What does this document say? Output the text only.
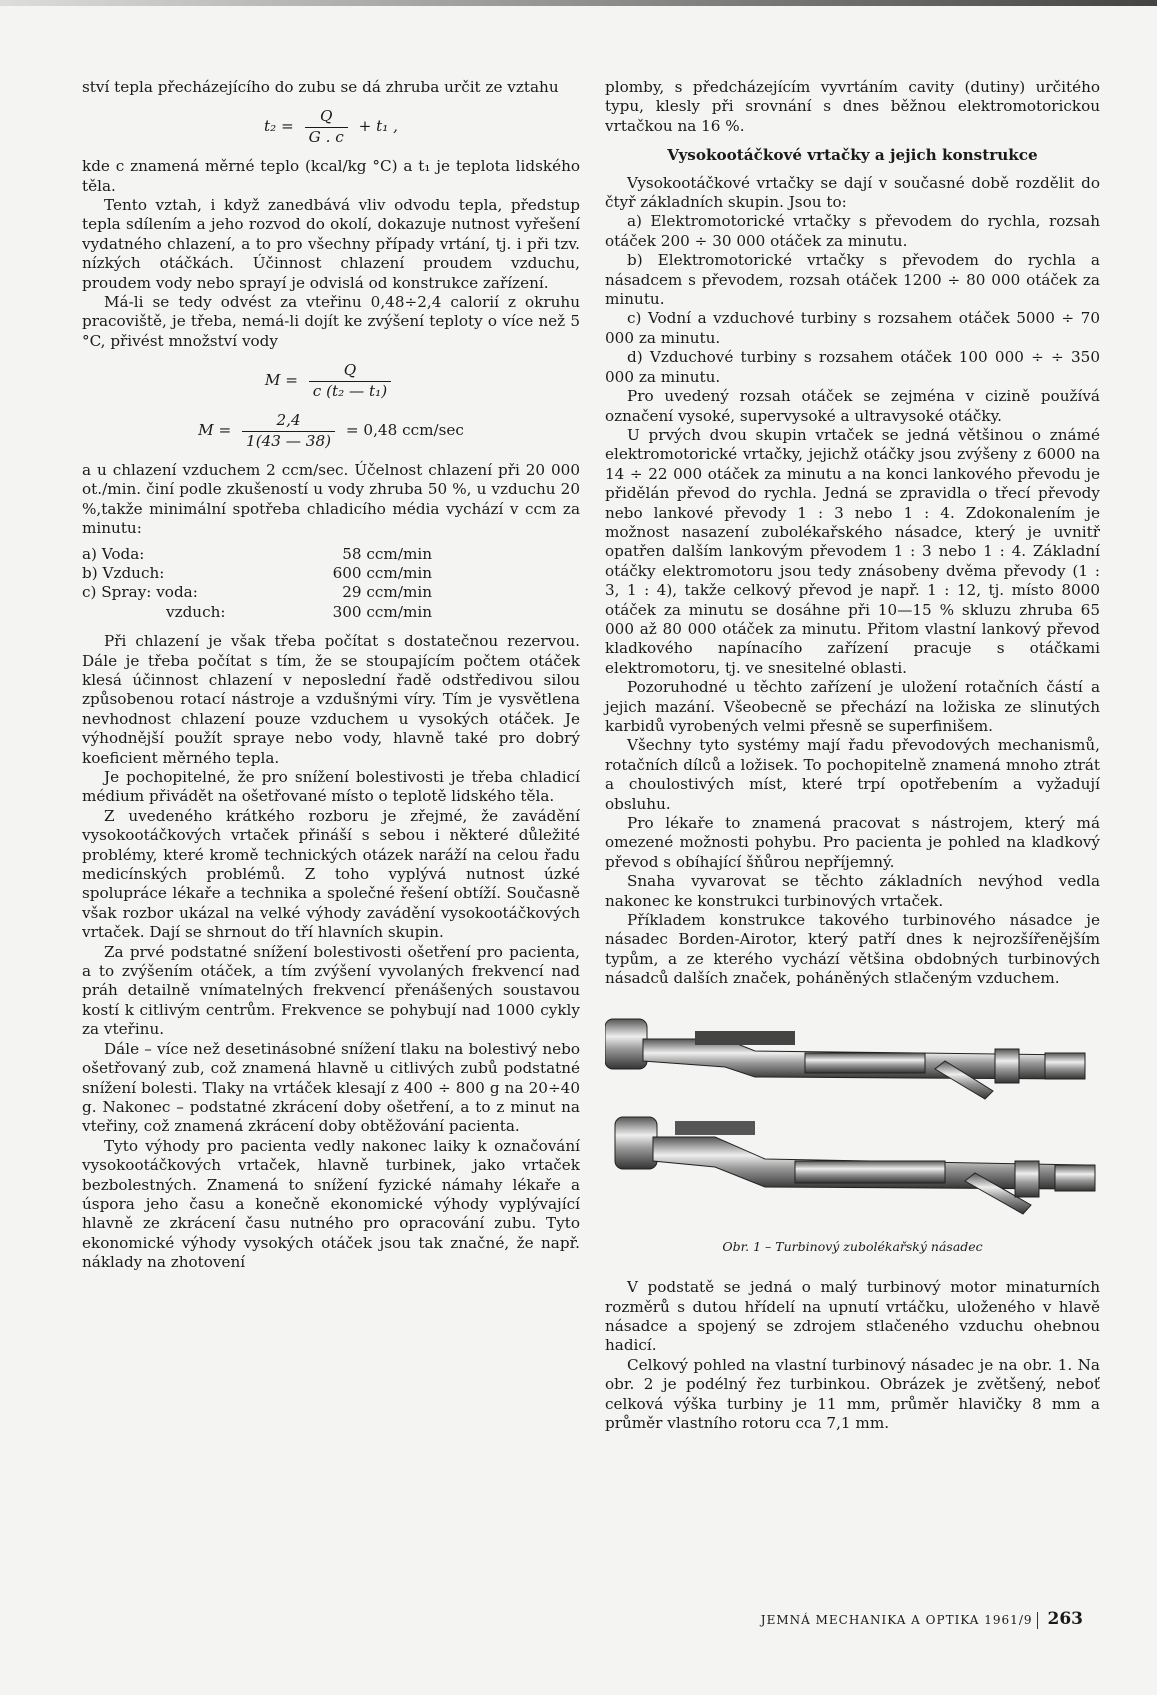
ství tepla přecházejícího do zubu se dá zhruba určit ze vztahu

$t_2 = \frac{Q}{G . c} + t_1$ ,

kde c znamená měrné teplo (kcal/kg °C) a t₁ je teplota lidského těla.

Tento vztah, i když zanedbává vliv odvodu tepla, předstup tepla sdílením a jeho rozvod do okolí, dokazuje nutnost vyřešení vydatného chlazení, a to pro všechny případy vrtání, tj. i při tzv. nízkých otáčkách. Účinnost chlazení proudem vzduchu, proudem vody nebo sprayí je odvislá od konstrukce zařízení.

Má-li se tedy odvést za vteřinu 0,48÷2,4 calorií z okruhu pracoviště, je třeba, nemá-li dojít ke zvýšení teploty o více než 5 °C, přivést množství vody

$M = \frac{Q}{\text{c (t₂ — t₁)}}$
$M = \frac{2,4}{1(43 — 38)} = 0,48$ ccm/sec

a u chlazení vzduchem 2 ccm/sec. Účelnost chlazení při 20 000 ot./min. činí podle zkušeností u vody zhruba 50 %, u vzduchu 20 %,takže minimální spotřeba chladicího média vychází v ccm za minutu:

a) Voda:	58 ccm/min
b) Vzduch:	600 ccm/min
c) Spray: voda:	29 ccm/min
vzduch:	300 ccm/min

Při chlazení je však třeba počítat s dostatečnou rezervou. Dále je třeba počítat s tím, že se stoupajícím počtem otáček klesá účinnost chlazení v neposlední řadě odstředivou silou způsobenou rotací nástroje a vzdušnými víry. Tím je vysvětlena nevhodnost chlazení pouze vzduchem u vysokých otáček. Je výhodnější použít spraye nebo vody, hlavně také pro dobrý koeficient měrného tepla.

Je pochopitelné, že pro snížení bolestivosti je třeba chladicí médium přivádět na ošetřované místo o teplotě lidského těla.

Z uvedeného krátkého rozboru je zřejmé, že zavádění vysokootáčkových vrtaček přináší s sebou i některé důležité problémy, které kromě technických otázek naráží na celou řadu medicínských problémů. Z toho vyplývá nutnost úzké spolupráce lékaře a technika a společné řešení obtíží. Současně však rozbor ukázal na velké výhody zavádění vysokootáčkových vrtaček. Dají se shrnout do tří hlavních skupin.

Za prvé podstatné snížení bolestivosti ošetření pro pacienta, a to zvýšením otáček, a tím zvýšení vyvolaných frekvencí nad práh detailně vnímatelných frekvencí přenášených soustavou kostí k citlivým centrům. Frekvence se pohybují nad 1000 cykly za vteřinu.

Dále – více než desetinásobné snížení tlaku na bolestivý nebo ošetřovaný zub, což znamená hlavně u citlivých zubů podstatné snížení bolesti. Tlaky na vrtáček klesají z 400 ÷ 800 g na 20÷40 g. Nakonec – podstatné zkrácení doby ošetření, a to z minut na vteřiny, což znamená zkrácení doby obtěžování pacienta.

Tyto výhody pro pacienta vedly nakonec laiky k označování vysokootáčkových vrtaček, hlavně turbinek, jako vrtaček bezbolestných. Znamená to snížení fyzické námahy lékaře a úspora jeho času a konečně ekonomické výhody vyplývající hlavně ze zkrácení času nutného pro opracování zubu. Tyto ekonomické výhody vysokých otáček jsou tak značné, že např. náklady na zhotovení

plomby, s předcházejícím vyvrtáním cavity (dutiny) určitého typu, klesly při srovnání s dnes běžnou elektromotorickou vrtačkou na 16 %.

Vysokootáčkové vrtačky a jejich konstrukce

Vysokootáčkové vrtačky se dají v současné době rozdělit do čtyř základních skupin. Jsou to:

a) Elektromotorické vrtačky s převodem do rychla, rozsah otáček 200 ÷ 30 000 otáček za minutu.

b) Elektromotorické vrtačky s převodem do rychla a násadcem s převodem, rozsah otáček 1200 ÷ 80 000 otáček za minutu.

c) Vodní a vzduchové turbiny s rozsahem otáček 5000 ÷ 70 000 za minutu.

d) Vzduchové turbiny s rozsahem otáček 100 000 ÷ ÷ 350 000 za minutu.

Pro uvedený rozsah otáček se zejména v cizině používá označení vysoké, supervysoké a ultravysoké otáčky.

U prvých dvou skupin vrtaček se jedná většinou o známé elektromotorické vrtačky, jejichž otáčky jsou zvýšeny z 6000 na 14 ÷ 22 000 otáček za minutu a na konci lankového převodu je přidělán převod do rychla. Jedná se zpravidla o třecí převody nebo lankové převody 1 : 3 nebo 1 : 4. Zdokonalením je možnost nasazení zubolékařského násadce, který je uvnitř opatřen dalším lankovým převodem 1 : 3 nebo 1 : 4. Základní otáčky elektromotoru jsou tedy znásobeny dvěma převody (1 : 3, 1 : 4), takže celkový převod je např. 1 : 12, tj. místo 8000 otáček za minutu se dosáhne při 10—15 % skluzu zhruba 65 000 až 80 000 otáček za minutu. Přitom vlastní lankový převod kladkového napínacího zařízení pracuje s otáčkami elektromotoru, tj. ve snesitelné oblasti.

Pozoruhodné u těchto zařízení je uložení rotačních částí a jejich mazání. Všeobecně se přechází na ložiska ze slinutých karbidů vyrobených velmi přesně se superfinišem.

Všechny tyto systémy mají řadu převodových mechanismů, rotačních dílců a ložisek. To pochopitelně znamená mnoho ztrát a choulostivých míst, které trpí opotřebením a vyžadují obsluhu.

Pro lékaře to znamená pracovat s nástrojem, který má omezené možnosti pohybu. Pro pacienta je pohled na kladkový převod s obíhající šňůrou nepříjemný.

Snaha vyvarovat se těchto základních nevýhod vedla nakonec ke konstrukci turbinových vrtaček.

Příkladem konstrukce takového turbinového násadce je násadec Borden-Airotor, který patří dnes k nejrozšířenějším typům, a ze kterého vychází většina obdobných turbinových násadců dalších značek, poháněných stlačeným vzduchem.

Obr. 1 – Turbinový zubolékařský násadec

V podstatě se jedná o malý turbinový motor minaturních rozměrů s dutou hřídelí na upnutí vrtáčku, uloženého v hlavě násadce a spojený se zdrojem stlačeného vzduchu ohebnou hadicí.

Celkový pohled na vlastní turbinový násadec je na obr. 1. Na obr. 2 je podélný řez turbinkou. Obrázek je zvětšený, neboť celková výška turbiny je 11 mm, průměr hlavičky 8 mm a průměr vlastního rotoru cca 7,1 mm.

JEMNÁ MECHANIKA A OPTIKA 1961/9 263
